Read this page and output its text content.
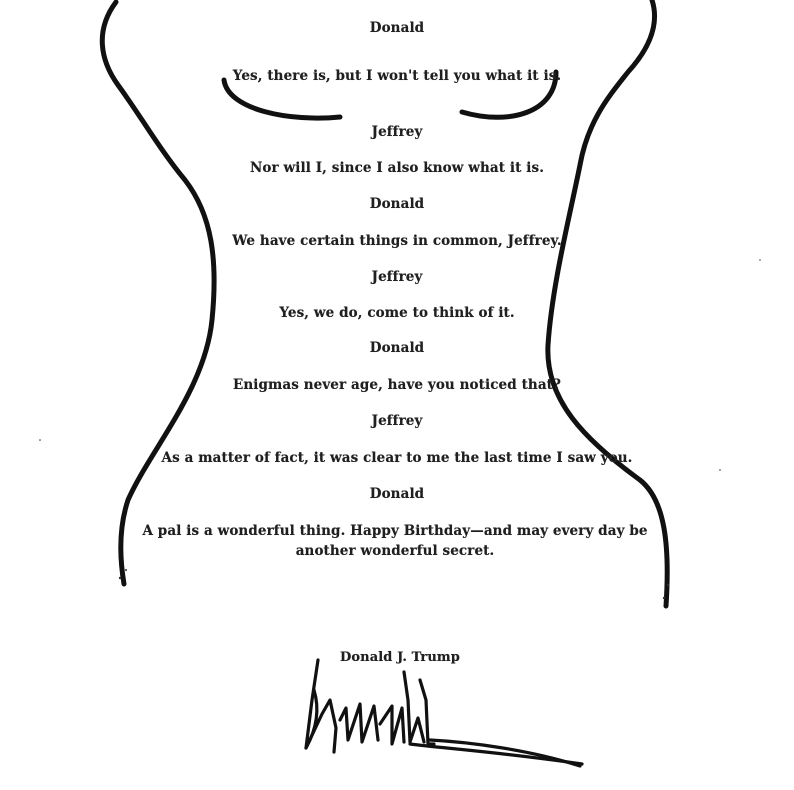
Donald
Yes, there is, but I won't tell you what it is.
Jeffrey
Nor will I, since I also know what it is.
Donald
We have certain things in common, Jeffrey.
Jeffrey
Yes, we do, come to think of it.
Donald
Enigmas never age, have you noticed that?
Jeffrey
As a matter of fact, it was clear to me the last time I saw you.
Donald
A pal is a wonderful thing. Happy Birthday—and may every day be another wonderful secret.
Donald J. Trump
